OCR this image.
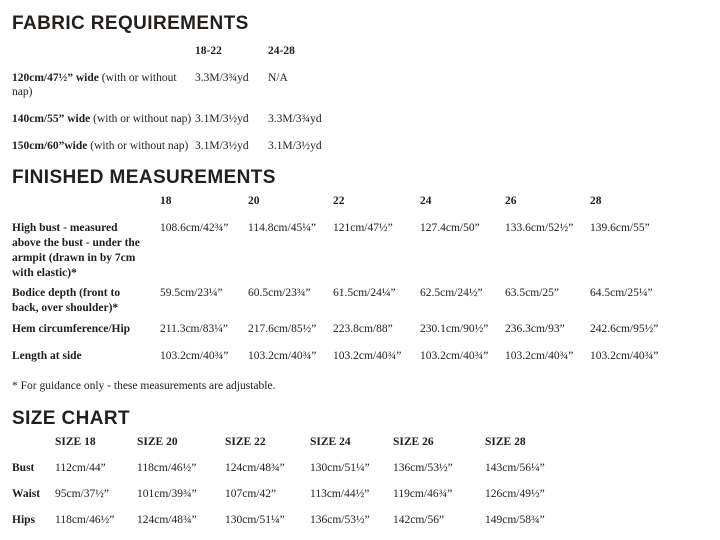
FABRIC REQUIREMENTS
18-22	24-28
120cm/47½” wide (with or without nap)
3.3M/3¾yd	N/A
140cm/55” wide (with or without nap) 3.1M/3½yd	3.3M/3¾yd
150cm/60”wide (with or without nap) 3.1M/3½yd	3.1M/3½yd
FINISHED MEASUREMENTS
18	20	22	24	26	28
High bust - measured above the bust - under the armpit (drawn in by 7cm with elastic)*
108.6cm/42¾”	114.8cm/45¼”	121cm/47½”	127.4cm/50”	133.6cm/52½”	139.6cm/55”
Bodice depth (front to back, over shoulder)*
59.5cm/23¼”	60.5cm/23¾”	61.5cm/24¼”	62.5cm/24½”	63.5cm/25”	64.5cm/25¼”
Hem circumference/Hip	211.3cm/83¼”	217.6cm/85½”	223.8cm/88”	230.1cm/90½”	236.3cm/93”	242.6cm/95½”
Length at side	103.2cm/40¾”	103.2cm/40¾”	103.2cm/40¾”	103.2cm/40¾”	103.2cm/40¾”	103.2cm/40¾”
* For guidance only - these measurements are adjustable.
SIZE CHART
SIZE 18	SIZE 20	SIZE 22	SIZE 24	SIZE 26	SIZE 28
Bust	112cm/44”	118cm/46½”	124cm/48¾”	130cm/51¼”	136cm/53½”	143cm/56¼”
Waist	95cm/37½”	101cm/39¾”	107cm/42”	113cm/44½”	119cm/46¾”	126cm/49½”
Hips	118cm/46½”	124cm/48¾”	130cm/51¼”	136cm/53½”	142cm/56”	149cm/58¾”
